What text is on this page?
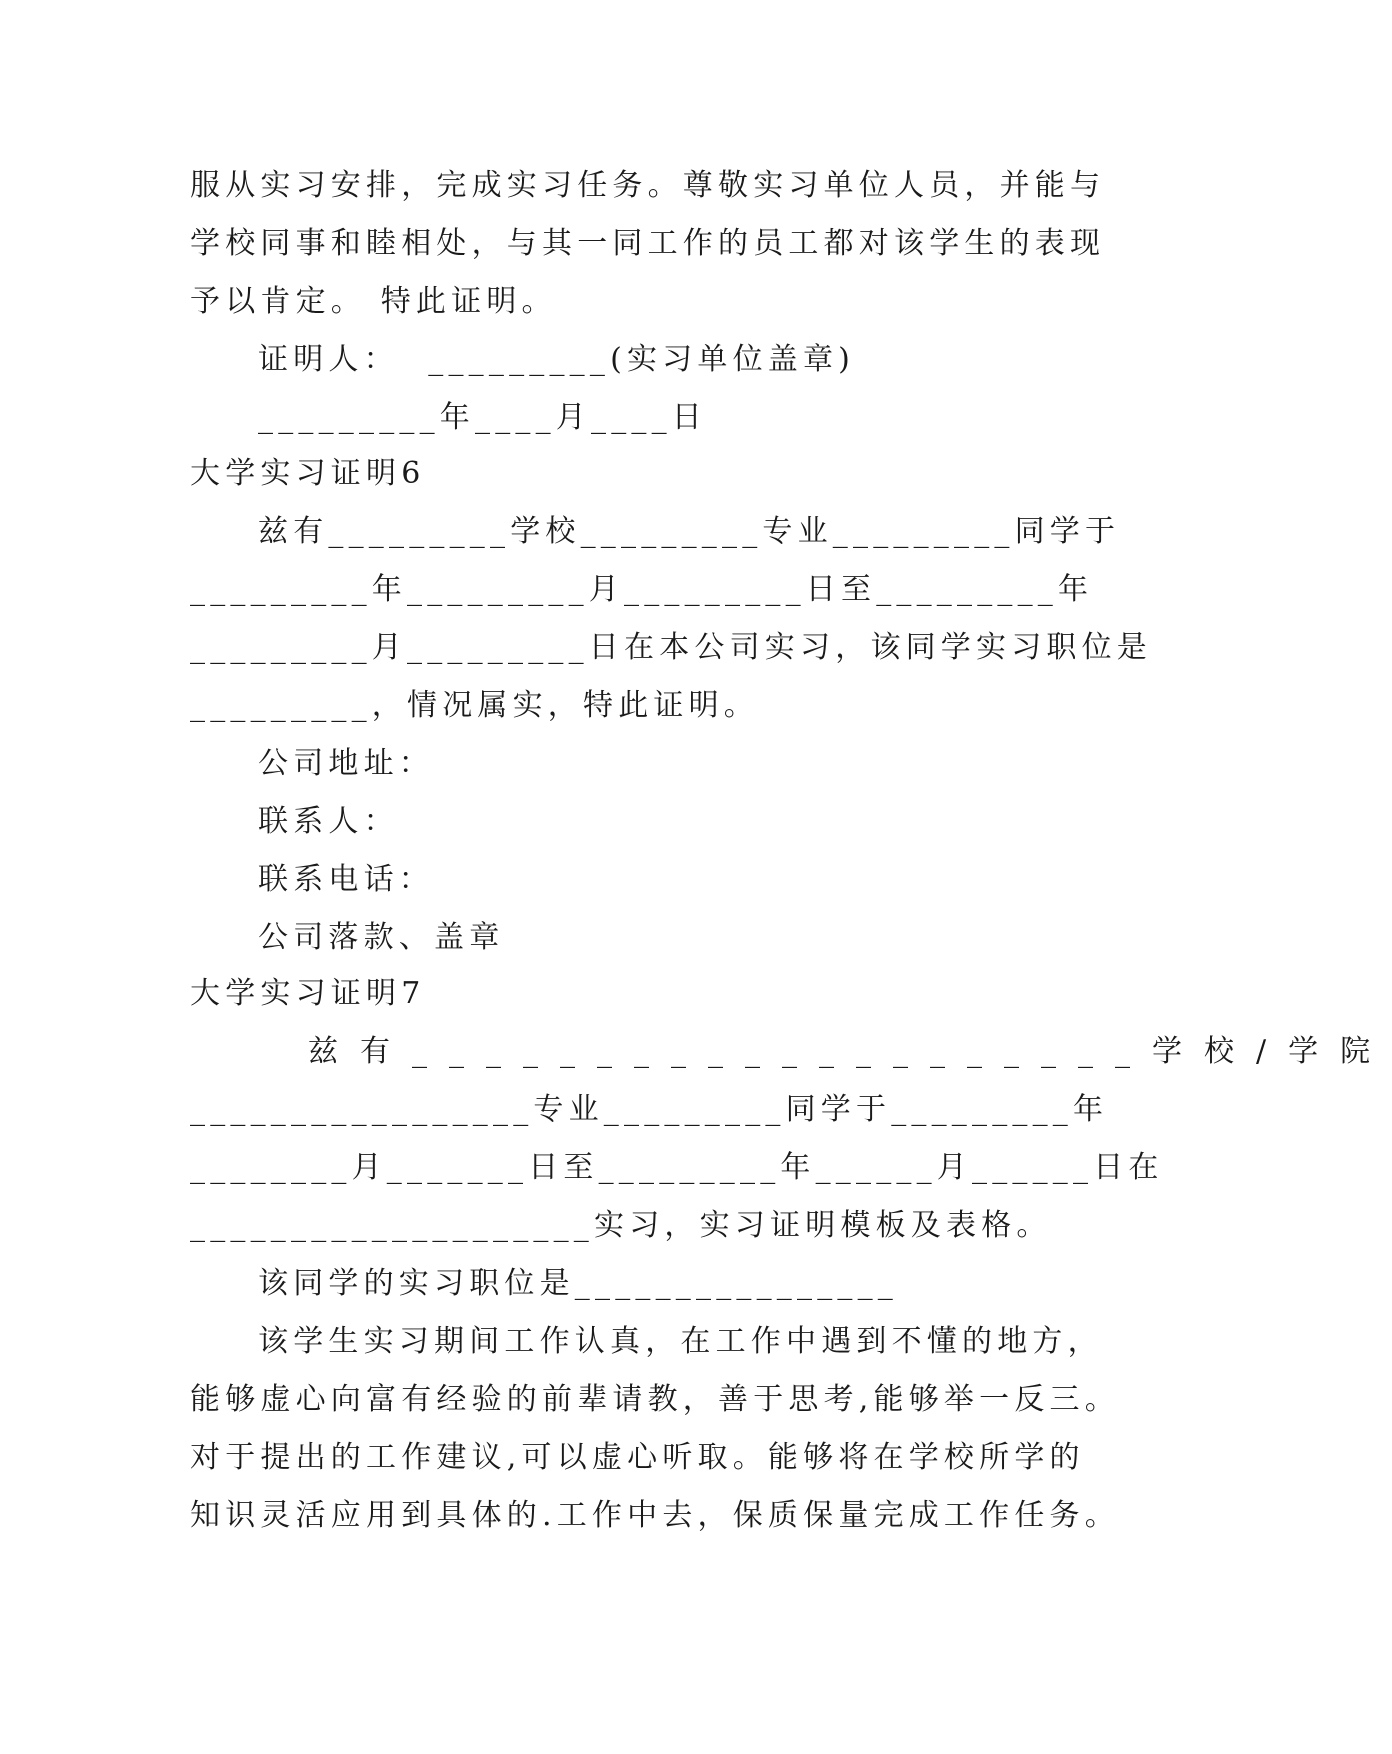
服从实习安排，完成实习任务。尊敬实习单位人员，并能与
学校同事和睦相处，与其一同工作的员工都对该学生的表现
予以肯定。 特此证明。
证明人：  _________(实习单位盖章)
_________年____月____日
大学实习证明6
兹有_________学校_________专业_________同学于
_________年_________月_________日至_________年
_________月_________日在本公司实习，该同学实习职位是
_________，情况属实，特此证明。
公司地址：
联系人：
联系电话：
公司落款、盖章
大学实习证明7
兹有____________________学校/学院
_________________专业_________同学于_________年
________月_______日至_________年______月______日在
____________________实习，实习证明模板及表格。
该同学的实习职位是________________
该学生实习期间工作认真，在工作中遇到不懂的地方，
能够虚心向富有经验的前辈请教，善于思考,能够举一反三。
对于提出的工作建议,可以虚心听取。能够将在学校所学的
知识灵活应用到具体的.工作中去，保质保量完成工作任务。
